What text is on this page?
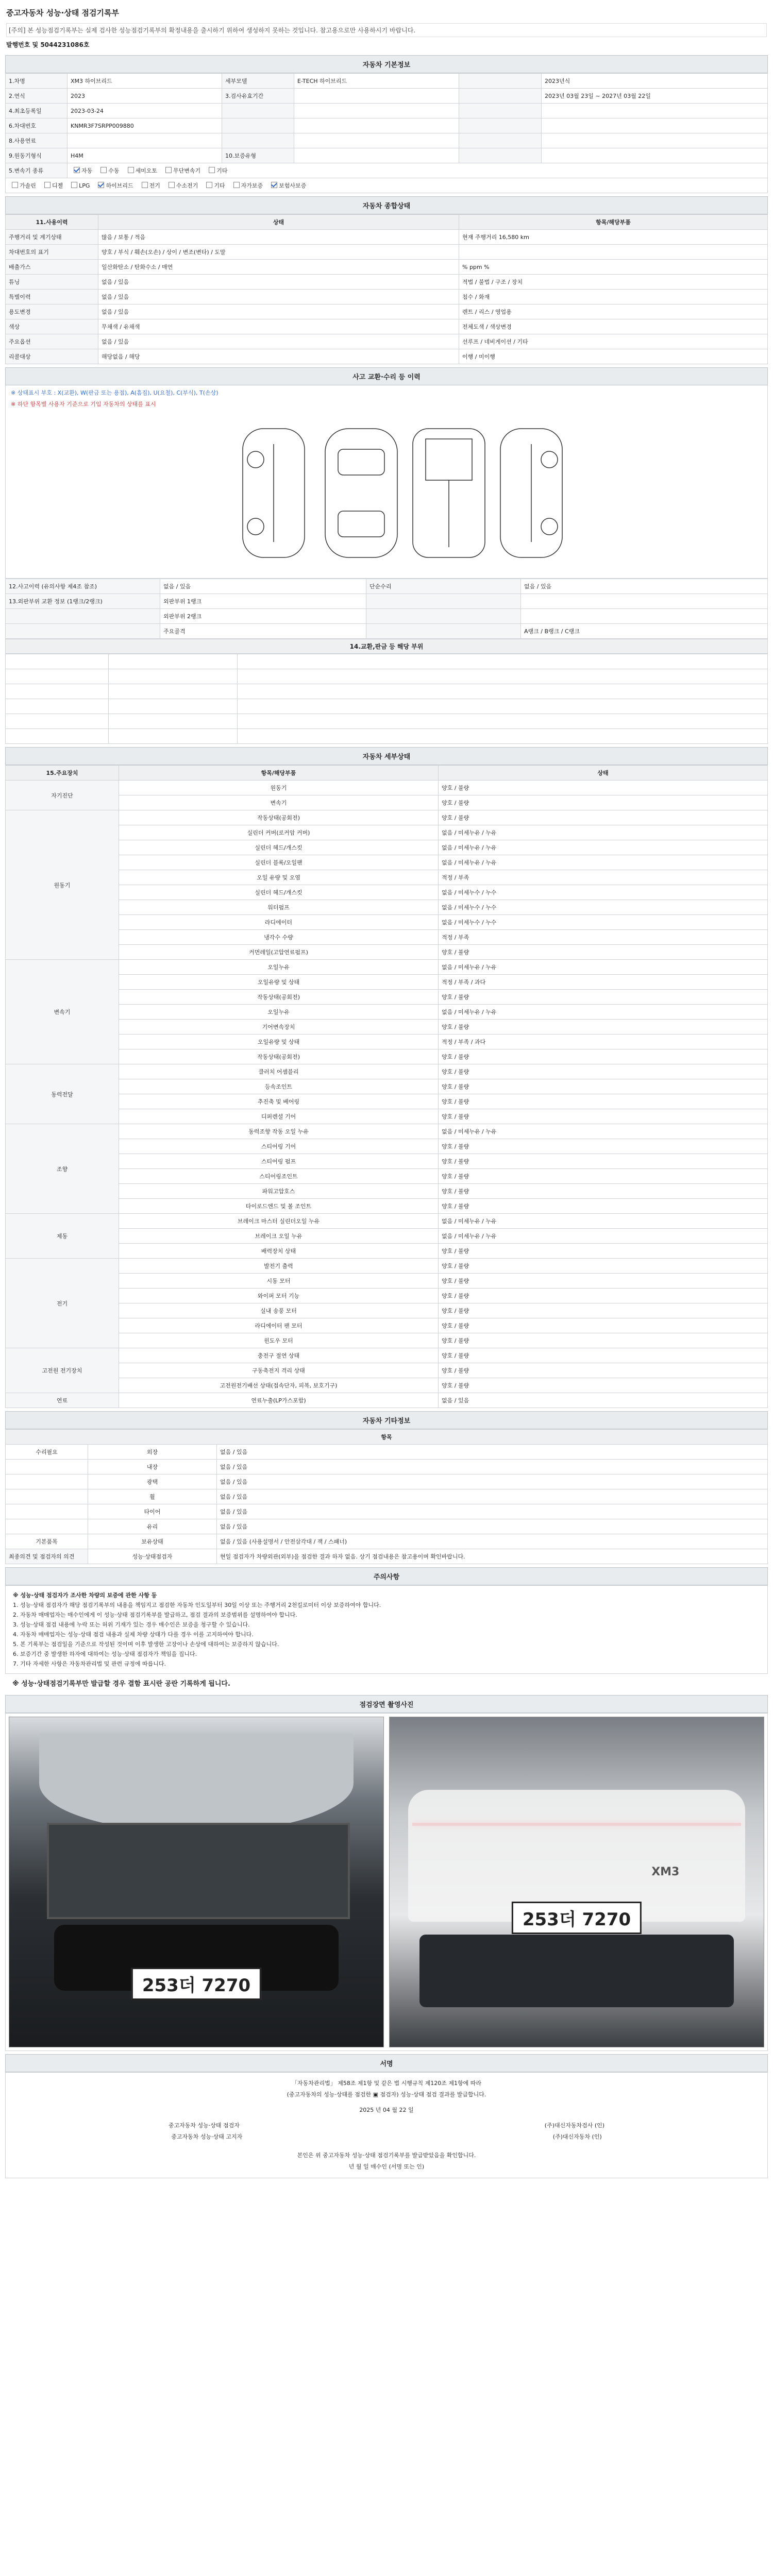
중고자동차 성능·상태 점검기록부
[주의] 본 성능점검기록부는 실제 검사한 성능점검기록부의 확정내용을 출시하기 위하여 생성하지 못하는 것입니다. 참고용으로만 사용하시기 바랍니다.
발행번호 및 5044231086호
자동차 기본정보
1.차명	XM3 하이브리드	세부모델	E-TECH 하이브리드		2023년식
2.연식	2023	3.검사유효기간			2023년 03월 23일 ~ 2027년 03월 22일
4.최초등록일	2023-03-24				
6.차대번호	KNMR3F7SRPP009880				
8.사용연료					
9.원동기형식	H4M	10.보증유형			
5.변속기 종류	자동 수동 세미오토 무단변속기 기타				
가솔린 디젤 LPG 하이브리드 전기 수소전기 기타 자가보증 보험사보증					
자동차 종합상태
11.사용이력	상태	항목/해당부품
주행거리 및 계기상태	많음 / 보통 / 적음	현재 주행거리 16,580 km
차대번호의 표기	양호 / 부식 / 훼손(오손) / 상이 / 변조(변타) / 도말	
배출가스	일산화탄소 / 탄화수소 / 매연	% ppm %
튜닝	없음 / 있음	적법 / 불법 / 구조 / 장치
특별이력	없음 / 있음	침수 / 화재
용도변경	없음 / 있음	렌트 / 리스 / 영업용
색상	무채색 / 유채색	전체도색 / 색상변경
주요옵션	없음 / 있음	선루프 / 네비게이션 / 기타
리콜대상	해당없음 / 해당	이행 / 미이행
사고 교환·수리 등 이력
※ 상태표시 부호 : X(교환), W(판금 또는 용접), A(흠집), U(요철), C(부식), T(손상)
※ 하단 항목별 사용자 기준으로 기입 자동차의 상태를 표시
12.사고이력 (유의사항 제4조 참조)	없음 / 있음	단순수리	없음 / 있음
13.외판부위 교환 정보 (1랭크/2랭크)	외판부위 1랭크		
	외판부위 2랭크		
	주요골격		A랭크 / B랭크 / C랭크
14.교환,판금 등 해당 부위

자동차 세부상태
15.주요장치	항목/해당부품	상태
자기진단	원동기	양호 / 불량
	변속기	양호 / 불량
원동기	작동상태(공회전)	양호 / 불량
	실린더 커버(로커암 커버)	없음 / 미세누유 / 누유
	실린더 헤드/개스킷	없음 / 미세누유 / 누유
	실린더 블록/오일팬	없음 / 미세누유 / 누유
	오일 유량 및 오염	적정 / 부족
	실린더 헤드/개스킷	없음 / 미세누수 / 누수
	워터펌프	없음 / 미세누수 / 누수
	라디에이터	없음 / 미세누수 / 누수
	냉각수 수량	적정 / 부족
	커먼레일(고압연료펌프)	양호 / 불량
변속기	오일누유	없음 / 미세누유 / 누유
	오일유량 및 상태	적정 / 부족 / 과다
	작동상태(공회전)	양호 / 불량
	오일누유	없음 / 미세누유 / 누유
	기어변속장치	양호 / 불량
	오일유량 및 상태	적정 / 부족 / 과다
	작동상태(공회전)	양호 / 불량
동력전달	클러치 어셈블리	양호 / 불량
	등속조인트	양호 / 불량
	추진축 및 베어링	양호 / 불량
	디퍼렌셜 기어	양호 / 불량
조향	동력조향 작동 오일 누유	없음 / 미세누유 / 누유
	스티어링 기어	양호 / 불량
	스티어링 펌프	양호 / 불량
	스티어링조인트	양호 / 불량
	파워고압호스	양호 / 불량
	타이로드엔드 및 볼 조인트	양호 / 불량
제동	브레이크 마스터 실린더오일 누유	없음 / 미세누유 / 누유
	브레이크 오일 누유	없음 / 미세누유 / 누유
	배력장치 상태	양호 / 불량
전기	발전기 출력	양호 / 불량
	시동 모터	양호 / 불량
	와이퍼 모터 기능	양호 / 불량
	실내 송풍 모터	양호 / 불량
	라디에이터 팬 모터	양호 / 불량
	윈도우 모터	양호 / 불량
고전원 전기장치	충전구 절연 상태	양호 / 불량
	구동축전지 격리 상태	양호 / 불량
	고전원전기배선 상태(접속단자, 피복, 보호기구)	양호 / 불량
연료	연료누출(LP가스포함)	없음 / 있음
자동차 기타정보
항목		
수리필요	외장	없음 / 있음
	내장	없음 / 있음
	광택	없음 / 있음
	휠	없음 / 있음
	타이어	없음 / 있음
	유리	없음 / 있음
기본품목	보유상태	없음 / 있음 (사용설명서 / 안전삼각대 / 잭 / 스패너)
최종의견 및 점검자의 의견	성능·상태점검자	현일 점검자가 차량외관(외부)을 점검한 결과 하자 없음. 상기 점검내용은 참고용이며 확인바랍니다.
주의사항

※ 성능·상태 점검자가 조사한 차량의 보증에 관한 사항 등

1. 성능·상태 점검자가 해당 점검기록부의 내용을 책임지고 점검한 자동차 인도일부터 30일 이상 또는 주행거리 2천킬로미터 이상 보증하여야 합니다.

2. 자동차 매매업자는 매수인에게 이 성능·상태 점검기록부를 발급하고, 점검 결과의 보증범위를 설명하여야 합니다.

3. 성능·상태 점검 내용에 누락 또는 허위 기재가 있는 경우 매수인은 보증을 청구할 수 있습니다.

4. 자동차 매매업자는 성능·상태 점검 내용과 실제 차량 상태가 다를 경우 이를 고지하여야 합니다.

5. 본 기록부는 점검일을 기준으로 작성된 것이며 이후 발생한 고장이나 손상에 대하여는 보증하지 않습니다.

6. 보증기간 중 발생한 하자에 대하여는 성능·상태 점검자가 책임을 집니다.

7. 기타 자세한 사항은 자동차관리법 및 관련 규정에 따릅니다.

※ 성능·상태점검기록부만 발급할 경우 결함 표시란 공란 기록하게 됩니다.
점검장면 촬영사진
253더 7270
XM3
253더 7270
서명
「자동차관리법」 제58조 제1항 및 같은 법 시행규칙 제120조 제1항에 따라
(중고자동차의 성능·상태를 점검한 ▣ 점검자) 성능·상태 점검 결과를 발급합니다.
2025 년 04 월 22 일
중고자동차 성능·상태 점검자	(주)대신자동차검사 (인)
중고자동차 성능·상태 고지자	(주)대신자동차 (인)
본인은 위 중고자동차 성능·상태 점검기록부를 발급받았음을 확인합니다.
년 월 일 매수인 (서명 또는 인)
